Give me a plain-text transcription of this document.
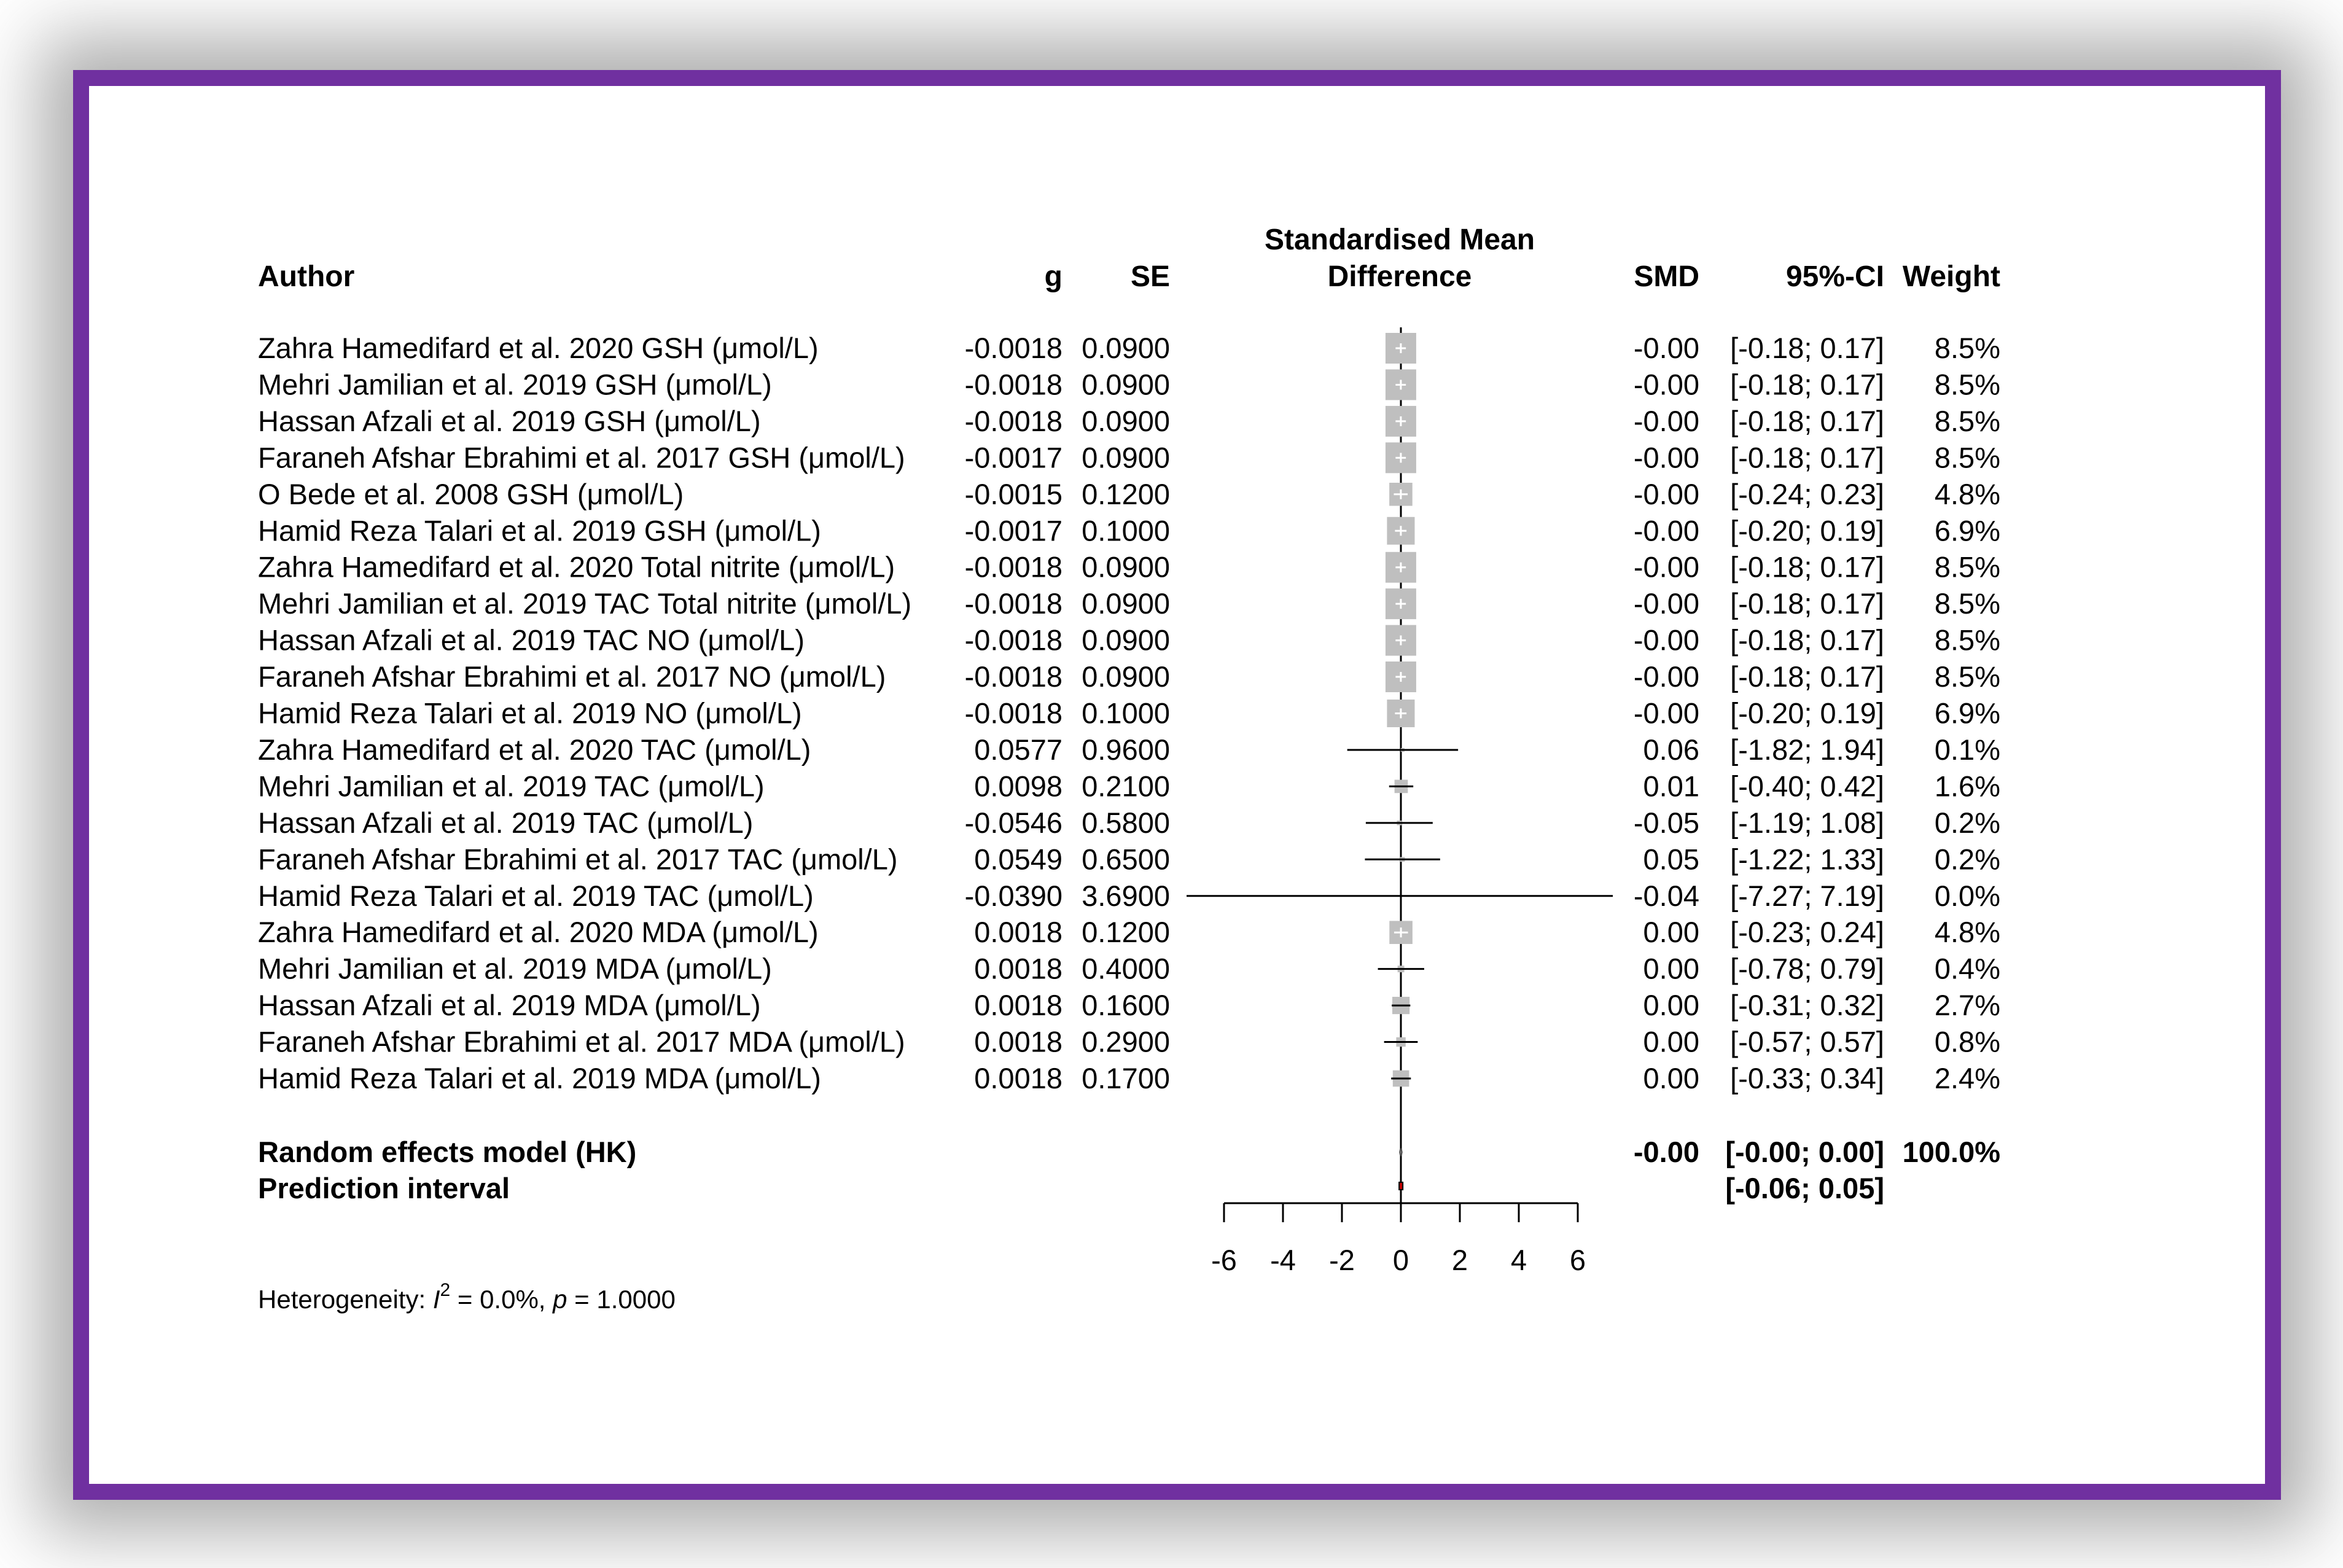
Author	g SE
Standardised Mean
Difference	SMD	95%-CI Weight
Zahra Hamedifard et al. 2020 GSH (μmol/L)	-0.0018 0.0900	-0.00 [-0.18; 0.17] 8.5%
Mehri Jamilian et al. 2019 GSH (μmol/L)	-0.0018 0.0900	-0.00 [-0.18; 0.17] 8.5%
Hassan Afzali et al. 2019 GSH (μmol/L)	-0.0018 0.0900	-0.00 [-0.18; 0.17] 8.5%
Faraneh Afshar Ebrahimi et al. 2017 GSH (μmol/L) -0.0017 0.0900	-0.00 [-0.18; 0.17] 8.5%
O Bede et al. 2008 GSH (μmol/L)	-0.0015 0.1200	-0.00 [-0.24; 0.23] 4.8%
Hamid Reza Talari et al. 2019 GSH (μmol/L)	-0.0017 0.1000	-0.00 [-0.20; 0.19] 6.9%
Zahra Hamedifard et al. 2020 Total nitrite (μmol/L) -0.0018 0.0900	-0.00 [-0.18; 0.17] 8.5%
Mehri Jamilian et al. 2019 TAC Total nitrite (μmol/L) -0.0018 0.0900	-0.00 [-0.18; 0.17] 8.5%
Hassan Afzali et al. 2019 TAC NO (μmol/L)	-0.0018 0.0900	-0.00 [-0.18; 0.17] 8.5%
Faraneh Afshar Ebrahimi et al. 2017 NO (μmol/L)	-0.0018 0.0900	-0.00 [-0.18; 0.17] 8.5%
Hamid Reza Talari et al. 2019 NO (μmol/L)	-0.0018 0.1000	-0.00 [-0.20; 0.19] 6.9%
Zahra Hamedifard et al. 2020 TAC (μmol/L)	0.0577 0.9600	0.06 [-1.82; 1.94] 0.1%
Mehri Jamilian et al. 2019 TAC (μmol/L)	0.0098 0.2100	0.01 [-0.40; 0.42] 1.6%
Hassan Afzali et al. 2019 TAC (μmol/L)	-0.0546 0.5800	-0.05 [-1.19; 1.08] 0.2%
Faraneh Afshar Ebrahimi et al. 2017 TAC (μmol/L)	0.0549 0.6500	0.05 [-1.22; 1.33] 0.2%
Hamid Reza Talari et al. 2019 TAC (μmol/L)	-0.0390 3.6900	-0.04 [-7.27; 7.19] 0.0%
Zahra Hamedifard et al. 2020 MDA (μmol/L)	0.0018 0.1200	0.00 [-0.23; 0.24] 4.8%
Mehri Jamilian et al. 2019 MDA (μmol/L)	0.0018 0.4000	0.00 [-0.78; 0.79] 0.4%
Hassan Afzali et al. 2019 MDA (μmol/L)	0.0018 0.1600	0.00 [-0.31; 0.32] 2.7%
Faraneh Afshar Ebrahimi et al. 2017 MDA (μmol/L) 0.0018 0.2900	0.00 [-0.57; 0.57] 0.8%
Hamid Reza Talari et al. 2019 MDA (μmol/L)	0.0018 0.1700	0.00 [-0.33; 0.34] 2.4%
Random effects model (HK)	-0.00 [-0.00; 0.00] 100.0%
Prediction interval	[-0.06; 0.05]
-6 -4 -2 0 2 4 6
Heterogeneity: $I^2 = 0.0\%$, p = 1.0000
